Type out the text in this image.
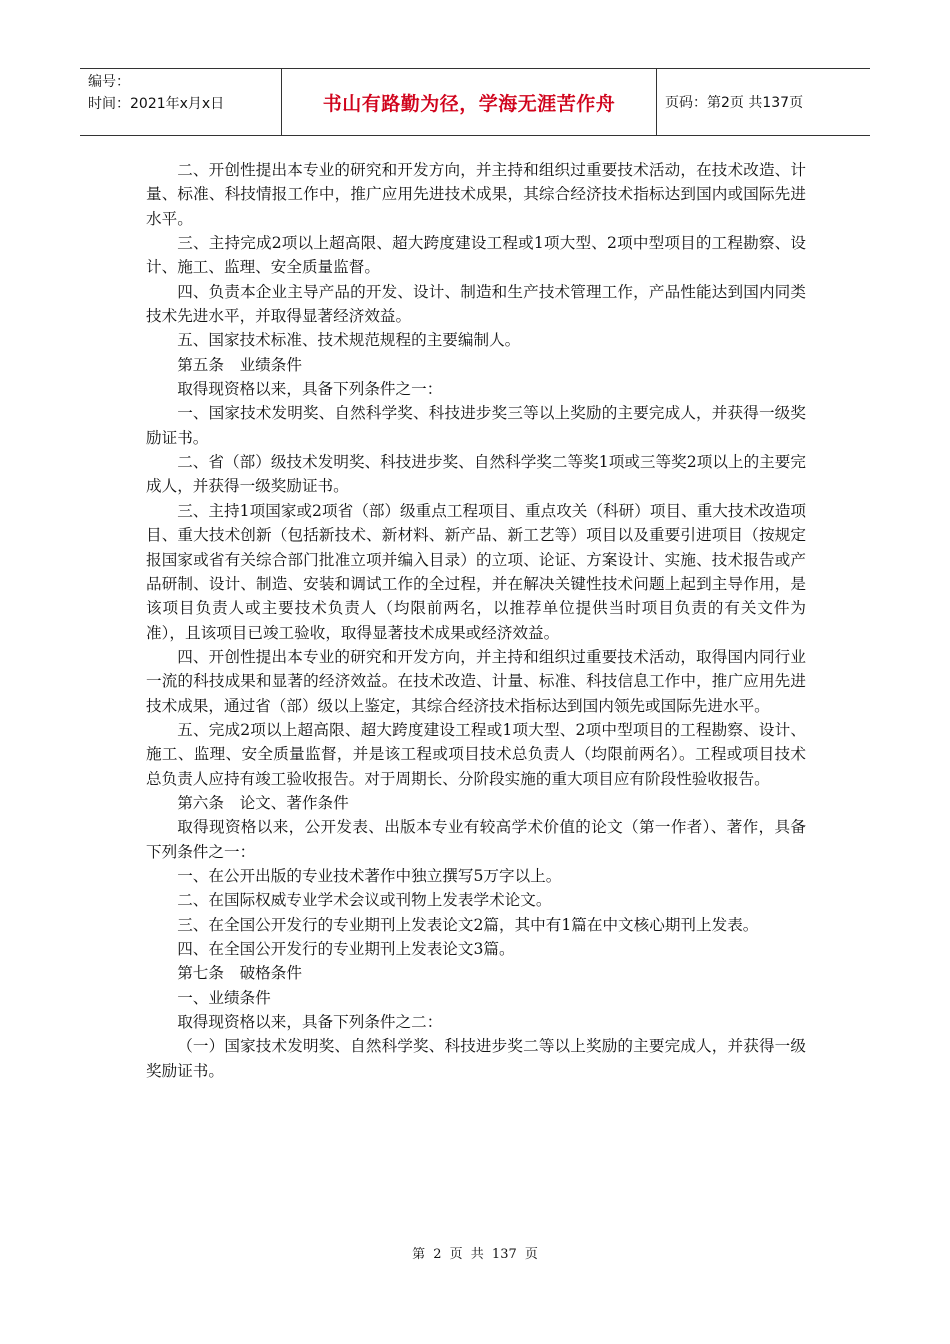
编号：
时间：2021年x月x日	书山有路勤为径，学海无涯苦作舟	页码：第2页 共137页

二、开创性提出本专业的研究和开发方向，并主持和组织过重要技术活动，在技术改造、计量、标准、科技情报工作中，推广应用先进技术成果，其综合经济技术指标达到国内或国际先进水平。

三、主持完成2项以上超高限、超大跨度建设工程或1项大型、2项中型项目的工程勘察、设计、施工、监理、安全质量监督。

四、负责本企业主导产品的开发、设计、制造和生产技术管理工作，产品性能达到国内同类技术先进水平，并取得显著经济效益。

五、国家技术标准、技术规范规程的主要编制人。

第五条　业绩条件

取得现资格以来，具备下列条件之一：

一、国家技术发明奖、自然科学奖、科技进步奖三等以上奖励的主要完成人，并获得一级奖励证书。

二、省（部）级技术发明奖、科技进步奖、自然科学奖二等奖1项或三等奖2项以上的主要完成人，并获得一级奖励证书。

三、主持1项国家或2项省（部）级重点工程项目、重点攻关（科研）项目、重大技术改造项目、重大技术创新（包括新技术、新材料、新产品、新工艺等）项目以及重要引进项目（按规定报国家或省有关综合部门批准立项并编入目录）的立项、论证、方案设计、实施、技术报告或产品研制、设计、制造、安装和调试工作的全过程，并在解决关键性技术问题上起到主导作用，是该项目负责人或主要技术负责人（均限前两名，以推荐单位提供当时项目负责的有关文件为准），且该项目已竣工验收，取得显著技术成果或经济效益。

四、开创性提出本专业的研究和开发方向，并主持和组织过重要技术活动，取得国内同行业一流的科技成果和显著的经济效益。在技术改造、计量、标准、科技信息工作中，推广应用先进技术成果，通过省（部）级以上鉴定，其综合经济技术指标达到国内领先或国际先进水平。

五、完成2项以上超高限、超大跨度建设工程或1项大型、2项中型项目的工程勘察、设计、施工、监理、安全质量监督，并是该工程或项目技术总负责人（均限前两名）。工程或项目技术总负责人应持有竣工验收报告。对于周期长、分阶段实施的重大项目应有阶段性验收报告。

第六条　论文、著作条件

取得现资格以来，公开发表、出版本专业有较高学术价值的论文（第一作者）、著作，具备下列条件之一：

一、在公开出版的专业技术著作中独立撰写5万字以上。

二、在国际权威专业学术会议或刊物上发表学术论文。

三、在全国公开发行的专业期刊上发表论文2篇，其中有1篇在中文核心期刊上发表。

四、在全国公开发行的专业期刊上发表论文3篇。

第七条　破格条件

一、业绩条件

取得现资格以来，具备下列条件之二：

（一）国家技术发明奖、自然科学奖、科技进步奖二等以上奖励的主要完成人，并获得一级奖励证书。

第 2 页 共 137 页
